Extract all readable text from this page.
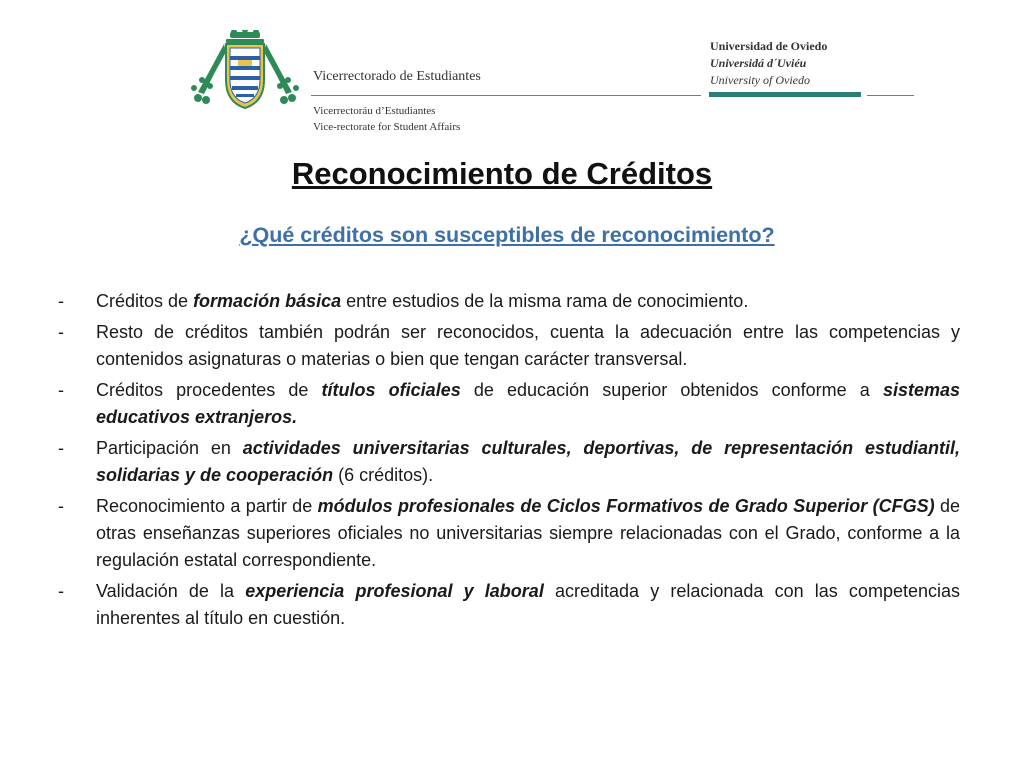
Vicerrectorado de Estudiantes
Vicerrectoráu d’Estudiantes
Vice-rectorate for Student Affairs
Universidad de Oviedo
Universidá d´Uviéu
University of Oviedo
Reconocimiento de Créditos
¿Qué créditos son susceptibles de reconocimiento?
-	Créditos de formación básica entre estudios de la misma rama de conocimiento.
-	Resto de créditos también podrán ser reconocidos, cuenta la adecuación entre las competencias y contenidos asignaturas o materias o bien que tengan carácter transversal.
-	Créditos procedentes de títulos oficiales de educación superior obtenidos conforme a sistemas educativos extranjeros.
-	Participación en actividades universitarias culturales, deportivas, de representación estudiantil, solidarias y de cooperación (6 créditos).
-	Reconocimiento a partir de módulos profesionales de Ciclos Formativos de Grado Superior (CFGS) de otras enseñanzas superiores oficiales no universitarias siempre relacionadas con el Grado, conforme a la regulación estatal correspondiente.
-	Validación de la experiencia profesional y laboral acreditada y relacionada con las competencias inherentes al título en cuestión.
